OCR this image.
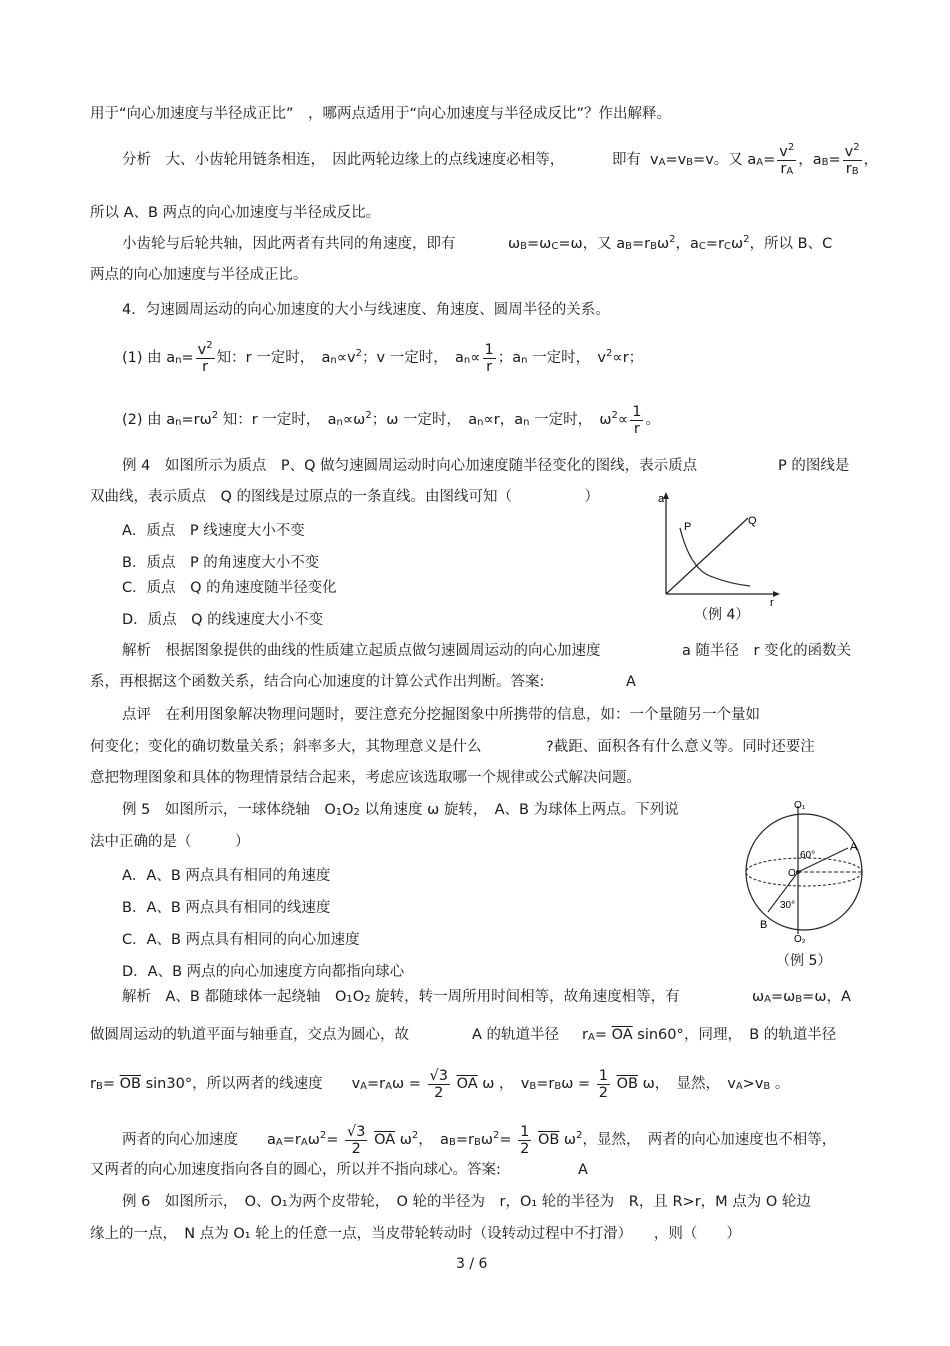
用于“向心加速度与半径成正比”　，哪两点适用于“向心加速度与半径成反比”？作出解释。
分析　大、小齿轮用链条相连，　因此两轮边缘上的点线速度必相等，	即有 $v_A=v_B=v$。又 $a_A= \frac{v^2}{r_A}$ ，$a_B= \frac{v^2}{r_B}$ ，
所以 A、B 两点的向心加速度与半径成反比。
小齿轮与后轮共轴，因此两者有共同的角速度，即有	$\omega_B=\omega_C=\omega$，又 $a_B=r_B\omega^2$，$a_C=r_C\omega^2$，所以 B、C
两点的向心加速度与半径成正比。
4．匀速圆周运动的向心加速度的大小与线速度、角速度、圆周半径的关系。
(1) 由 $a_n= \frac{v^2}{r}$ 知：r 一定时，　$a_n\propto v^2$；v 一定时，　$a_n\propto \frac{1}{r}$ ；$a_n$ 一定时，　$v^2\propto r$；
(2) 由 $a_n=r\omega^2$ 知：r 一定时，　$a_n\propto\omega^2$；ω 一定时，　$a_n\propto r$，$a_n$ 一定时，　$\omega^2\propto \frac{1}{r}$ 。
例 4　如图所示为质点　P、Q 做匀速圆周运动时向心加速度随半径变化的图线，表示质点	P 的图线是
双曲线，表示质点　Q 的图线是过原点的一条直线。由图线可知（　　　　　）
A．质点　P 线速度大小不变
B．质点　P 的角速度大小不变
C．质点　Q 的角速度随半径变化
D．质点　Q 的线速度大小不变
a
r
P	Q
（例 4）
解析　根据图象提供的曲线的性质建立起质点做匀速圆周运动的向心加速度	a 随半径　r 变化的函数关
系，再根据这个函数关系，结合向心加速度的计算公式作出判断。答案:	A
点评　在利用图象解决物理问题时，要注意充分挖掘图象中所携带的信息，如：一个量随另一个量如
何变化；变化的确切数量关系；斜率多大，其物理意义是什么	?截距、面积各有什么意义等。同时还要注
意把物理图象和具体的物理情景结合起来，考虑应该选取哪一个规律或公式解决问题。
例 5　如图所示，一球体绕轴　$O_1O_2$ 以角速度 ω 旋转，　A、B 为球体上两点。下列说
法中正确的是（　　　）
A．A、B 两点具有相同的角速度
B．A、B 两点具有相同的线速度
C．A、B 两点具有相同的向心加速度
D．A、B 两点的向心加速度方向都指向球心
O₁
O₂
O
A
B
60°
30°
（例 5）
解析　A、B 都随球体一起绕轴　$O_1O_2$ 旋转，转一周所用时间相等，故角速度相等，有	$\omega_A=\omega_B=\omega$，A
做圆周运动的轨道平面与轴垂直，交点为圆心，故	A 的轨道半径 $r_A= \overline{OA}$ sin60° ，同理，　B 的轨道半径
$r_B= \overline{OB}$ sin30°，所以两者的线速度　　$v_A=r_A\omega = \frac{√3}{2} \overline{OA}$ ω ，　$v_B=r_B\omega = \frac{1}{2} \overline{OB}$ ω，　显然，　$v_A>v_B$ 。
两者的向心加速度　　$a_A=r_A\omega^2= \frac{√3}{2} \overline{OA}$ $\omega^2$，　$a_B=r_B\omega^2= \frac{1}{2} \overline{OB}$ $\omega^2$，显然，　两者的向心加速度也不相等，
又两者的向心加速度指向各自的圆心，所以并不指向球心。答案:	A
例 6　如图所示，　O、O₁为两个皮带轮，　O 轮的半径为　r，O₁ 轮的半径为　R，且 R>r，M 点为 O 轮边
缘上的一点，　N 点为 O₁ 轮上的任意一点，当皮带轮转动时（设转动过程中不打滑）　　，则（　　）
3 / 6
